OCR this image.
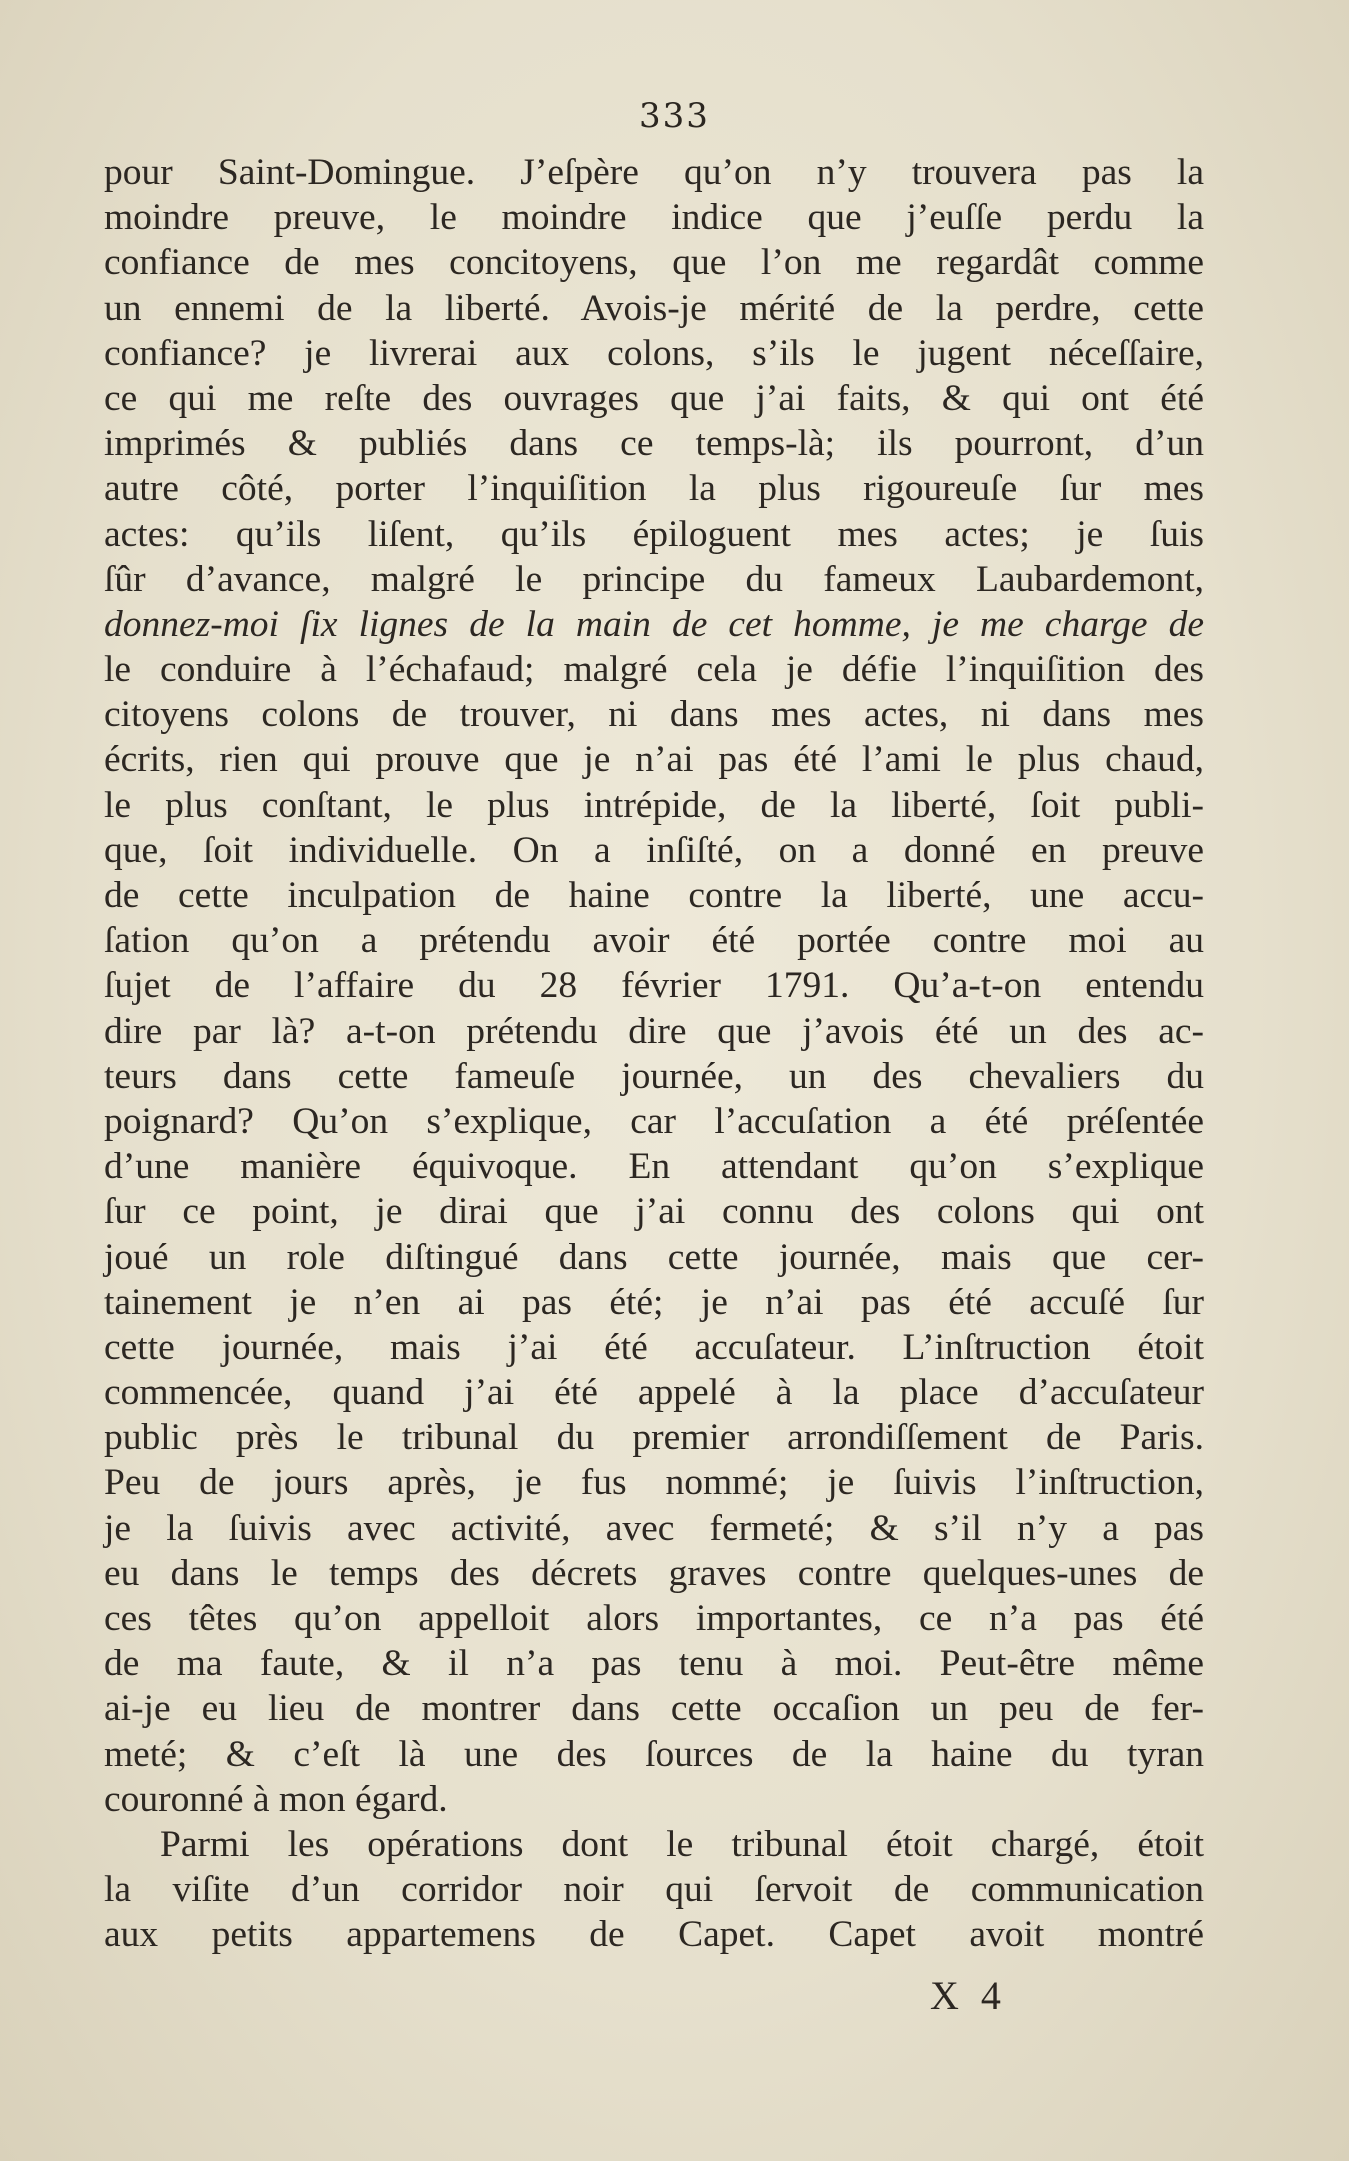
333
pour Saint-Domingue. J’eſpère qu’on n’y trouvera pas la
moindre preuve, le moindre indice que j’euſſe perdu la
confiance de mes concitoyens, que l’on me regardât comme
un ennemi de la liberté. Avois-je mérité de la perdre, cette
confiance? je livrerai aux colons, s’ils le jugent néceſſaire,
ce qui me reſte des ouvrages que j’ai faits, & qui ont été
imprimés & publiés dans ce temps-là; ils pourront, d’un
autre côté, porter l’inquiſition la plus rigoureuſe ſur mes
actes: qu’ils liſent, qu’ils épiloguent mes actes; je ſuis
ſûr d’avance, malgré le principe du fameux Laubardemont,
donnez-moi ſix lignes de la main de cet homme, je me charge de
le conduire à l’échafaud; malgré cela je défie l’inquiſition des
citoyens colons de trouver, ni dans mes actes, ni dans mes
écrits, rien qui prouve que je n’ai pas été l’ami le plus chaud,
le plus conſtant, le plus intrépide, de la liberté, ſoit publi-
que, ſoit individuelle. On a inſiſté, on a donné en preuve
de cette inculpation de haine contre la liberté, une accu-
ſation qu’on a prétendu avoir été portée contre moi au
ſujet de l’affaire du 28 février 1791. Qu’a-t-on entendu
dire par là? a-t-on prétendu dire que j’avois été un des ac-
teurs dans cette fameuſe journée, un des chevaliers du
poignard? Qu’on s’explique, car l’accuſation a été préſentée
d’une manière équivoque. En attendant qu’on s’explique
ſur ce point, je dirai que j’ai connu des colons qui ont
joué un role diſtingué dans cette journée, mais que cer-
tainement je n’en ai pas été; je n’ai pas été accuſé ſur
cette journée, mais j’ai été accuſateur. L’inſtruction étoit
commencée, quand j’ai été appelé à la place d’accuſateur
public près le tribunal du premier arrondiſſement de Paris.
Peu de jours après, je fus nommé; je ſuivis l’inſtruction,
je la ſuivis avec activité, avec fermeté; & s’il n’y a pas
eu dans le temps des décrets graves contre quelques-unes de
ces têtes qu’on appelloit alors importantes, ce n’a pas été
de ma faute, & il n’a pas tenu à moi. Peut-être même
ai-je eu lieu de montrer dans cette occaſion un peu de fer-
meté; & c’eſt là une des ſources de la haine du tyran
couronné à mon égard.
Parmi les opérations dont le tribunal étoit chargé, étoit
la viſite d’un corridor noir qui ſervoit de communication
aux petits appartemens de Capet. Capet avoit montré
X 4
